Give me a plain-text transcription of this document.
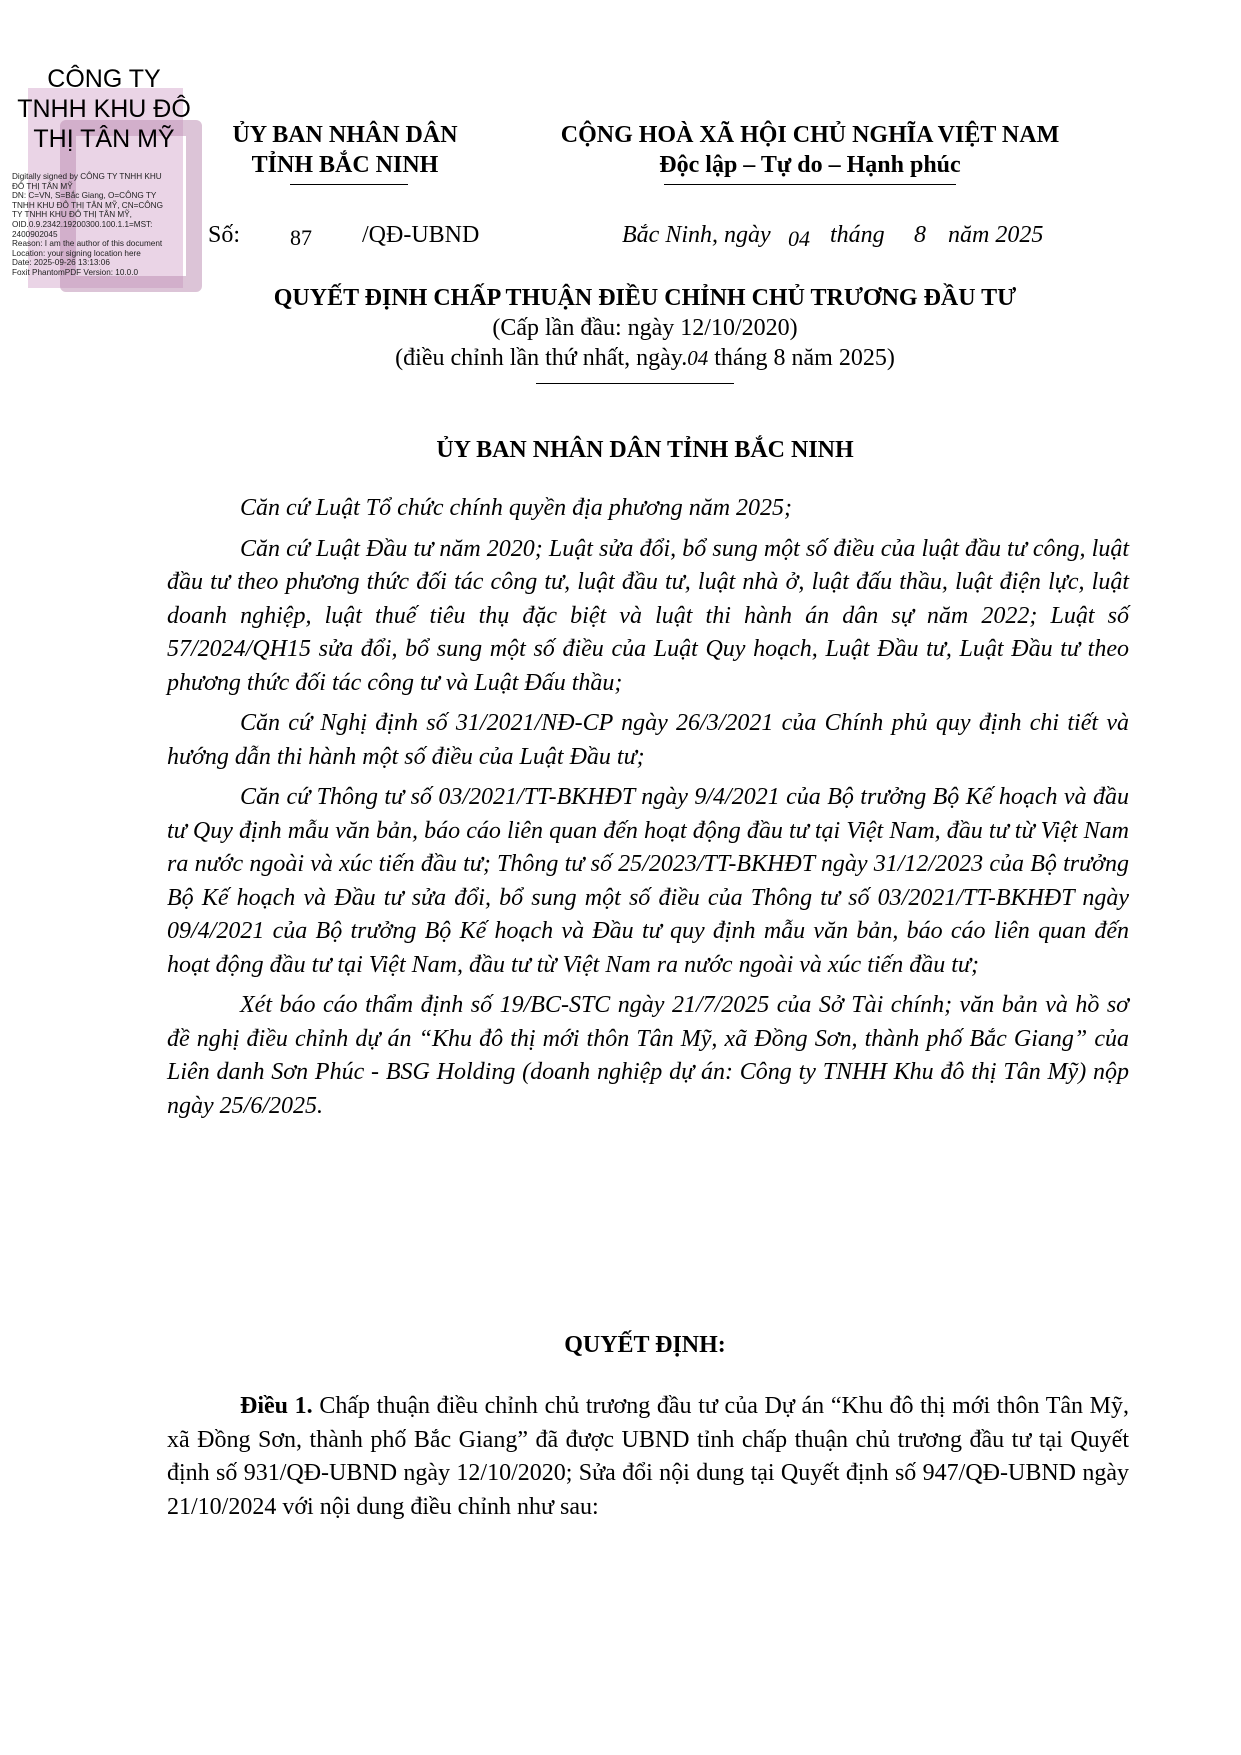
CÔNG TY
TNHH KHU ĐÔ
THỊ TÂN MỸ
Digitally signed by CÔNG TY TNHH KHU
ĐÔ THỊ TÂN MỸ
DN: C=VN, S=Bắc Giang, O=CÔNG TY
TNHH KHU ĐÔ THỊ TÂN MỸ, CN=CÔNG
TY TNHH KHU ĐÔ THỊ TÂN MỸ,
OID.0.9.2342.19200300.100.1.1=MST:
2400902045
Reason: I am the author of this document
Location: your signing location here
Date: 2025-09-26 13:13:06
Foxit PhantomPDF Version: 10.0.0
ỦY BAN NHÂN DÂN
TỈNH BẮC NINH
CỘNG HOÀ XÃ HỘI CHỦ NGHĨA VIỆT NAM
Độc lập – Tự do – Hạnh phúc
Số: 87 /QĐ-UBND	Bắc Ninh, ngày 04 tháng 8 năm 2025
QUYẾT ĐỊNH CHẤP THUẬN ĐIỀU CHỈNH CHỦ TRƯƠNG ĐẦU TƯ
(Cấp lần đầu: ngày 12/10/2020)
(điều chỉnh lần thứ nhất, ngày.04 tháng 8 năm 2025)
ỦY BAN NHÂN DÂN TỈNH BẮC NINH

Căn cứ Luật Tổ chức chính quyền địa phương năm 2025;

Căn cứ Luật Đầu tư năm 2020; Luật sửa đổi, bổ sung một số điều của luật đầu tư công, luật đầu tư theo phương thức đối tác công tư, luật đầu tư, luật nhà ở, luật đấu thầu, luật điện lực, luật doanh nghiệp, luật thuế tiêu thụ đặc biệt và luật thi hành án dân sự năm 2022; Luật số 57/2024/QH15 sửa đổi, bổ sung một số điều của Luật Quy hoạch, Luật Đầu tư, Luật Đầu tư theo phương thức đối tác công tư và Luật Đấu thầu;

Căn cứ Nghị định số 31/2021/NĐ-CP ngày 26/3/2021 của Chính phủ quy định chi tiết và hướng dẫn thi hành một số điều của Luật Đầu tư;

Căn cứ Thông tư số 03/2021/TT-BKHĐT ngày 9/4/2021 của Bộ trưởng Bộ Kế hoạch và đầu tư Quy định mẫu văn bản, báo cáo liên quan đến hoạt động đầu tư tại Việt Nam, đầu tư từ Việt Nam ra nước ngoài và xúc tiến đầu tư; Thông tư số 25/2023/TT-BKHĐT ngày 31/12/2023 của Bộ trưởng Bộ Kế hoạch và Đầu tư sửa đổi, bổ sung một số điều của Thông tư số 03/2021/TT-BKHĐT ngày 09/4/2021 của Bộ trưởng Bộ Kế hoạch và Đầu tư quy định mẫu văn bản, báo cáo liên quan đến hoạt động đầu tư tại Việt Nam, đầu tư từ Việt Nam ra nước ngoài và xúc tiến đầu tư;

Xét báo cáo thẩm định số 19/BC-STC ngày 21/7/2025 của Sở Tài chính; văn bản và hồ sơ đề nghị điều chỉnh dự án “Khu đô thị mới thôn Tân Mỹ, xã Đồng Sơn, thành phố Bắc Giang” của Liên danh Sơn Phúc - BSG Holding (doanh nghiệp dự án: Công ty TNHH Khu đô thị Tân Mỹ) nộp ngày 25/6/2025.

QUYẾT ĐỊNH:

Điều 1. Chấp thuận điều chỉnh chủ trương đầu tư của Dự án “Khu đô thị mới thôn Tân Mỹ, xã Đồng Sơn, thành phố Bắc Giang” đã được UBND tỉnh chấp thuận chủ trương đầu tư tại Quyết định số 931/QĐ-UBND ngày 12/10/2020; Sửa đổi nội dung tại Quyết định số 947/QĐ-UBND ngày 21/10/2024 với nội dung điều chỉnh như sau:
